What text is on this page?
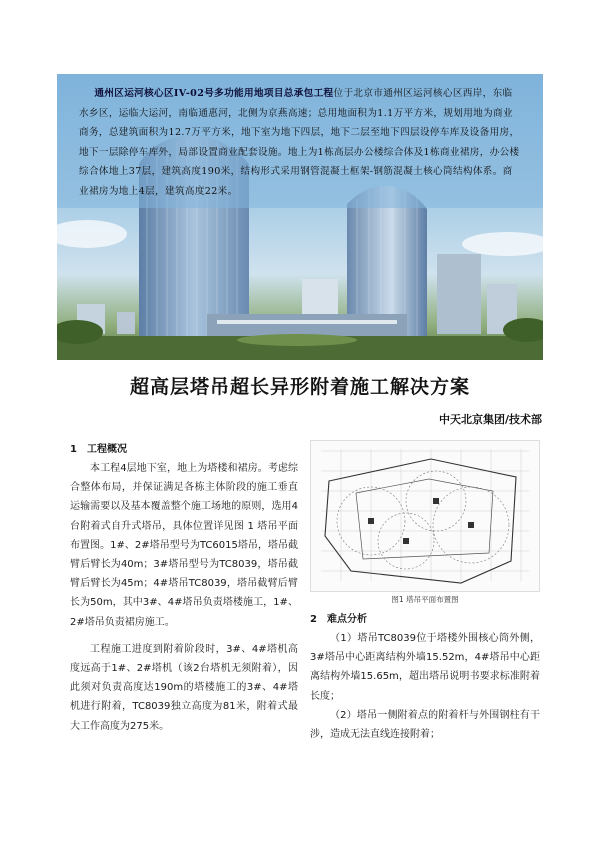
通州区运河核心区IV-02号多功能用地项目总承包工程位于北京市通州区运河核心区西岸，东临水乡区，运临大运河，南临通惠河，北侧为京燕高速；总用地面积为1.1万平方米，规划用地为商业商务，总建筑面积为12.7万平方米，地下室为地下四层，地下二层至地下四层设停车库及设备用房，地下一层除停车库外，局部设置商业配套设施。地上为1栋高层办公楼综合体及1栋商业裙房，办公楼综合体地上37层，建筑高度190米，结构形式采用钢管混凝土框架-钢筋混凝土核心筒结构体系。商业裙房为地上4层，建筑高度22米。
超高层塔吊超长异形附着施工解决方案
中天北京集团/技术部
1　工程概况

本工程4层地下室，地上为塔楼和裙房。考虑综合整体布局，并保证满足各栋主体阶段的施工垂直运输需要以及基本覆盖整个施工场地的原则，选用4台附着式自升式塔吊，具体位置详见图 1 塔吊平面布置图。1#、2#塔吊型号为TC6015塔吊，塔吊截臂后臂长为40m；3#塔吊型号为TC8039，塔吊截臂后臂长为45m；4#塔吊TC8039，塔吊截臂后臂长为50m，其中3#、4#塔吊负责塔楼施工，1#、2#塔吊负责裙房施工。

工程施工进度到附着阶段时，3#、4#塔机高度远高于1#、2#塔机（该2台塔机无须附着），因此须对负责高度达190m的塔楼施工的3#、4#塔机进行附着，TC8039独立高度为81米，附着式最大工作高度为275米。

图1 塔吊平面布置图
2　难点分析

（1）塔吊TC8039位于塔楼外围核心筒外侧，3#塔吊中心距离结构外墙15.52m，4#塔吊中心距离结构外墙15.65m，超出塔吊说明书要求标准附着长度；

（2）塔吊一侧附着点的附着杆与外围钢柱有干涉，造成无法直线连接附着；
